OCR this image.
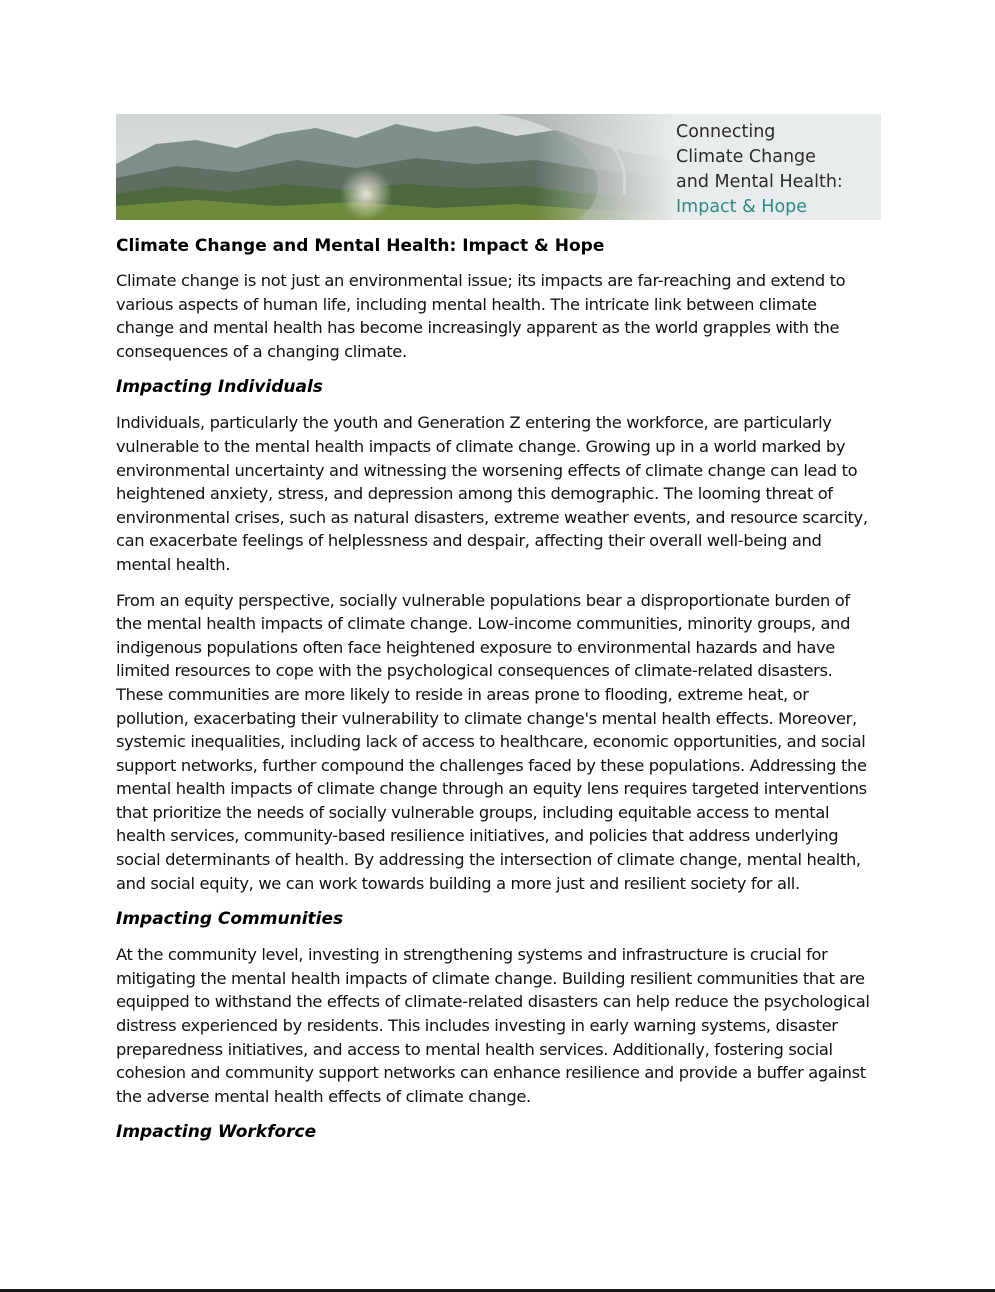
Connecting
Climate Change
and Mental Health:
Impact & Hope
Climate Change and Mental Health: Impact & Hope

Climate change is not just an environmental issue; its impacts are far-reaching and extend to various aspects of human life, including mental health. The intricate link between climate change and mental health has become increasingly apparent as the world grapples with the consequences of a changing climate.

Impacting Individuals

Individuals, particularly the youth and Generation Z entering the workforce, are particularly vulnerable to the mental health impacts of climate change. Growing up in a world marked by environmental uncertainty and witnessing the worsening effects of climate change can lead to heightened anxiety, stress, and depression among this demographic. The looming threat of environmental crises, such as natural disasters, extreme weather events, and resource scarcity, can exacerbate feelings of helplessness and despair, affecting their overall well-being and mental health.

From an equity perspective, socially vulnerable populations bear a disproportionate burden of the mental health impacts of climate change. Low-income communities, minority groups, and indigenous populations often face heightened exposure to environmental hazards and have limited resources to cope with the psychological consequences of climate-related disasters. These communities are more likely to reside in areas prone to flooding, extreme heat, or pollution, exacerbating their vulnerability to climate change's mental health effects. Moreover, systemic inequalities, including lack of access to healthcare, economic opportunities, and social support networks, further compound the challenges faced by these populations. Addressing the mental health impacts of climate change through an equity lens requires targeted interventions that prioritize the needs of socially vulnerable groups, including equitable access to mental health services, community-based resilience initiatives, and policies that address underlying social determinants of health. By addressing the intersection of climate change, mental health, and social equity, we can work towards building a more just and resilient society for all.

Impacting Communities

At the community level, investing in strengthening systems and infrastructure is crucial for mitigating the mental health impacts of climate change. Building resilient communities that are equipped to withstand the effects of climate-related disasters can help reduce the psychological distress experienced by residents. This includes investing in early warning systems, disaster preparedness initiatives, and access to mental health services. Additionally, fostering social cohesion and community support networks can enhance resilience and provide a buffer against the adverse mental health effects of climate change.

Impacting Workforce
